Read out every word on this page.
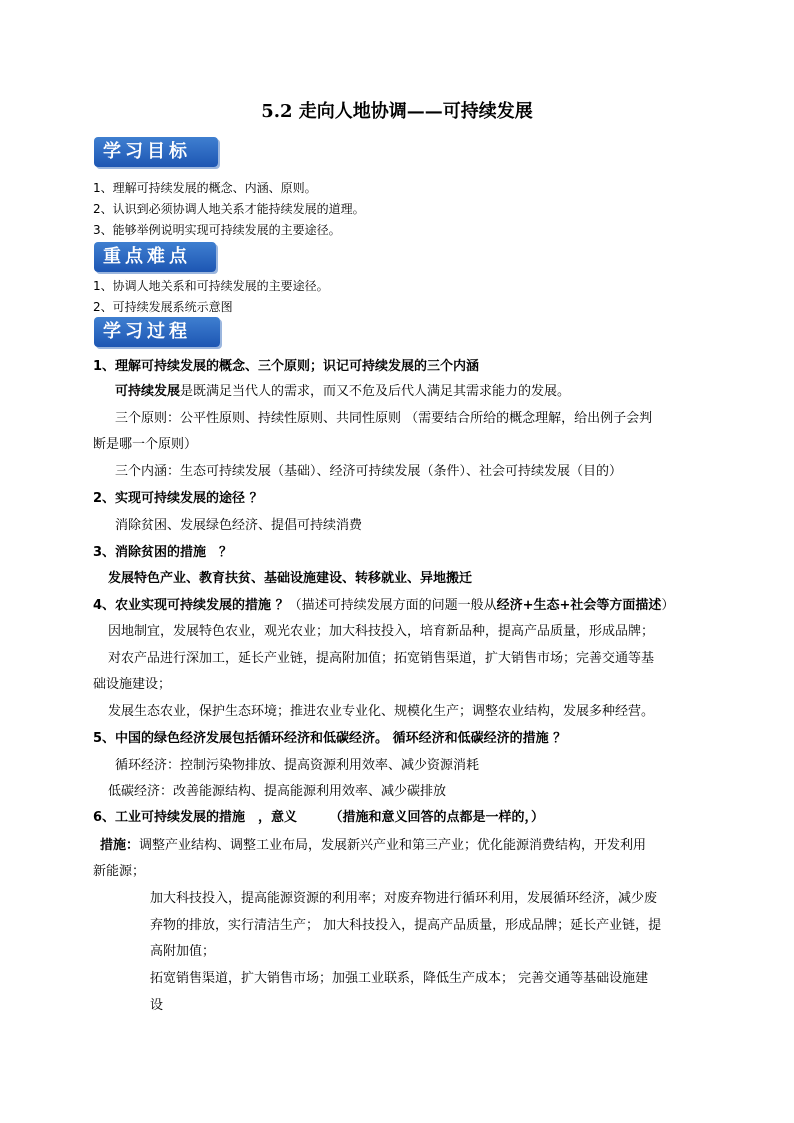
5.2 走向人地协调——可持续发展
学习目标
1、理解可持续发展的概念、内涵、原则。
2、认识到必须协调人地关系才能持续发展的道理。
3、能够举例说明实现可持续发展的主要途径。
重点难点
1、协调人地关系和可持续发展的主要途径。
2、可持续发展系统示意图
学习过程
1、理解可持续发展的概念、三个原则；识记可持续发展的三个内涵
可持续发展是既满足当代人的需求，而又不危及后代人满足其需求能力的发展。
三个原则：公平性原则、持续性原则、共同性原则 （需要结合所给的概念理解，给出例子会判
断是哪一个原则）
三个内涵：生态可持续发展（基础）、经济可持续发展（条件）、社会可持续发展（目的）
2、实现可持续发展的途径 ？
消除贫困、发展绿色经济、提倡可持续消费
3、消除贫困的措施　？
发展特色产业、教育扶贫、基础设施建设、转移就业、异地搬迁
4、农业实现可持续发展的措施 ？（描述可持续发展方面的问题一般从经济+生态+社会等方面描述）
因地制宜，发展特色农业，观光农业；加大科技投入，培育新品种，提高产品质量，形成品牌；
对农产品进行深加工，延长产业链，提高附加值；拓宽销售渠道，扩大销售市场；完善交通等基
础设施建设；
发展生态农业，保护生态环境；推进农业专业化、规模化生产；调整农业结构，发展多种经营。
5、中国的绿色经济发展包括循环经济和低碳经济。 循环经济和低碳经济的措施 ？
循环经济：控制污染物排放、提高资源利用效率、减少资源消耗
低碳经济：改善能源结构、提高能源利用效率、减少碳排放
6、工业可持续发展的措施　，意义　　　（措施和意义回答的点都是一样的，）
措施：调整产业结构、调整工业布局，发展新兴产业和第三产业；优化能源消费结构，开发利用
新能源；
加大科技投入，提高能源资源的利用率；对废弃物进行循环利用，发展循环经济，减少废
弃物的排放，实行清洁生产； 加大科技投入，提高产品质量，形成品牌；延长产业链，提
高附加值；
拓宽销售渠道，扩大销售市场；加强工业联系，降低生产成本； 完善交通等基础设施建
设
